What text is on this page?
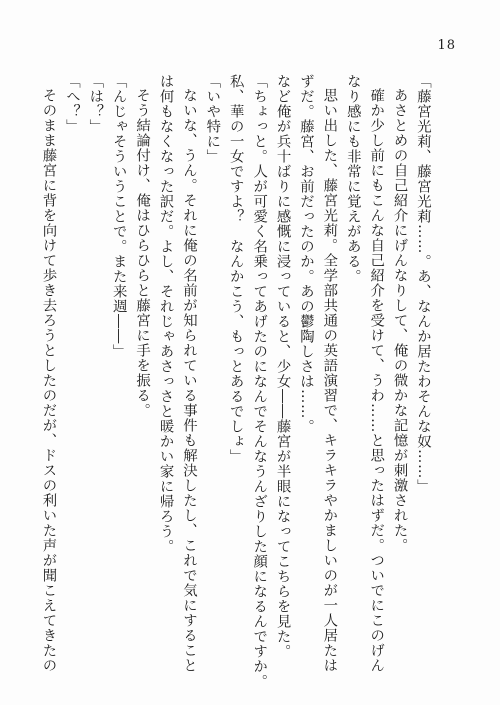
18
「藤宮光莉、藤宮光莉……。あ、なんか居たわそんな奴……」
あさとめの自己紹介にげんなりして、俺の微かな記憶が刺激された。
確か少し前にもこんな自己紹介を受けて、うわ……と思ったはずだ。ついでにこのげん
なり感にも非常に覚えがある。
思い出した、藤宮光莉。全学部共通の英語演習で、キラキラやかましいのが一人居たは
ずだ。藤宮、お前だったのか。あの鬱陶しさは……。
など俺が兵十ばりに感慨に浸っていると、少女――藤宮が半眼になってこちらを見た。
「ちょっと。人が可愛く名乗ってあげたのになんでそんなうんざりした顔になるんですか。
私、華の一女ですよ？　なんかこう、もっとあるでしょ」
「いや特に」
ないな、うん。それに俺の名前が知られている事件も解決したし、これで気にすること
は何もなくなった訳だ。よし、それじゃあさっさと暖かい家に帰ろう。
そう結論付け、俺はひらひらと藤宮に手を振る。
「んじゃそういうことで。また来週――」
「は？」
「へ？」
そのまま藤宮に背を向けて歩き去ろうとしたのだが、ドスの利いた声が聞こえてきたの
